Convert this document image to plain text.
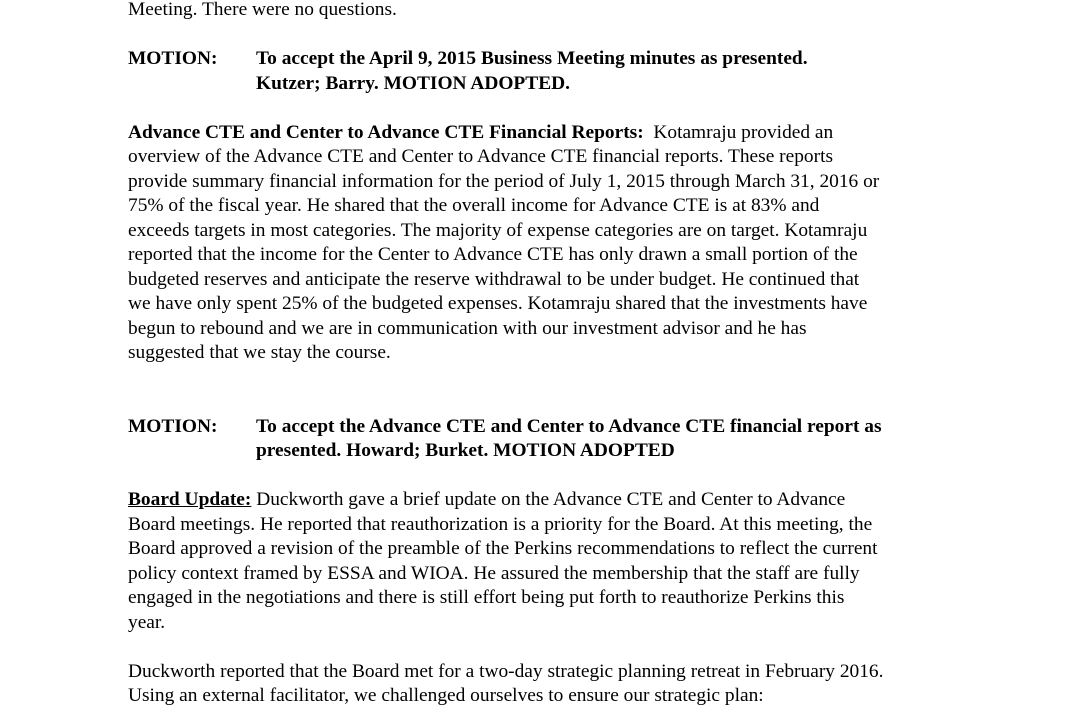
Meeting. There were no questions.
MOTION:	To accept the April 9, 2015 Business Meeting minutes as presented.
Kutzer; Barry. MOTION ADOPTED.
Advance CTE and Center to Advance CTE Financial Reports:  Kotamraju provided an
overview of the Advance CTE and Center to Advance CTE financial reports. These reports
provide summary financial information for the period of July 1, 2015 through March 31, 2016 or
75% of the fiscal year. He shared that the overall income for Advance CTE is at 83% and
exceeds targets in most categories. The majority of expense categories are on target. Kotamraju
reported that the income for the Center to Advance CTE has only drawn a small portion of the
budgeted reserves and anticipate the reserve withdrawal to be under budget. He continued that
we have only spent 25% of the budgeted expenses. Kotamraju shared that the investments have
begun to rebound and we are in communication with our investment advisor and he has
suggested that we stay the course.
MOTION:	To accept the Advance CTE and Center to Advance CTE financial report as
presented. Howard; Burket. MOTION ADOPTED
Board Update: Duckworth gave a brief update on the Advance CTE and Center to Advance
Board meetings. He reported that reauthorization is a priority for the Board. At this meeting, the
Board approved a revision of the preamble of the Perkins recommendations to reflect the current
policy context framed by ESSA and WIOA. He assured the membership that the staff are fully
engaged in the negotiations and there is still effort being put forth to reauthorize Perkins this
year.
Duckworth reported that the Board met for a two-day strategic planning retreat in February 2016.
Using an external facilitator, we challenged ourselves to ensure our strategic plan:
